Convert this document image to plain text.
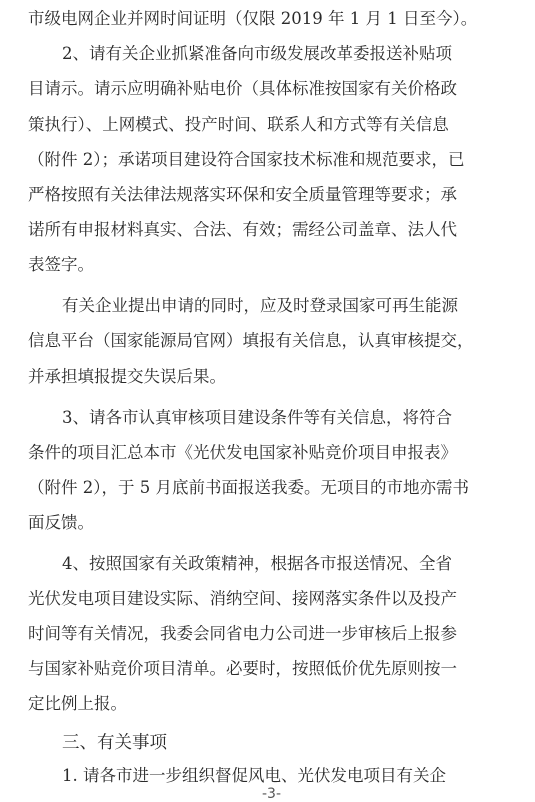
市级电网企业并网时间证明（仅限 2019 年 1 月 1 日至今）。
2、请有关企业抓紧准备向市级发展改革委报送补贴项
目请示。请示应明确补贴电价（具体标准按国家有关价格政
策执行）、上网模式、投产时间、联系人和方式等有关信息
（附件 2）；承诺项目建设符合国家技术标准和规范要求，已
严格按照有关法律法规落实环保和安全质量管理等要求；承
诺所有申报材料真实、合法、有效；需经公司盖章、法人代
表签字。
有关企业提出申请的同时，应及时登录国家可再生能源
信息平台（国家能源局官网）填报有关信息，认真审核提交，
并承担填报提交失误后果。
3、请各市认真审核项目建设条件等有关信息，将符合
条件的项目汇总本市《光伏发电国家补贴竞价项目申报表》
（附件 2），于 5 月底前书面报送我委。无项目的市地亦需书
面反馈。
4、按照国家有关政策精神，根据各市报送情况、全省
光伏发电项目建设实际、消纳空间、接网落实条件以及投产
时间等有关情况，我委会同省电力公司进一步审核后上报参
与国家补贴竞价项目清单。必要时，按照低价优先原则按一
定比例上报。
三、有关事项
1. 请各市进一步组织督促风电、光伏发电项目有关企
-3-
